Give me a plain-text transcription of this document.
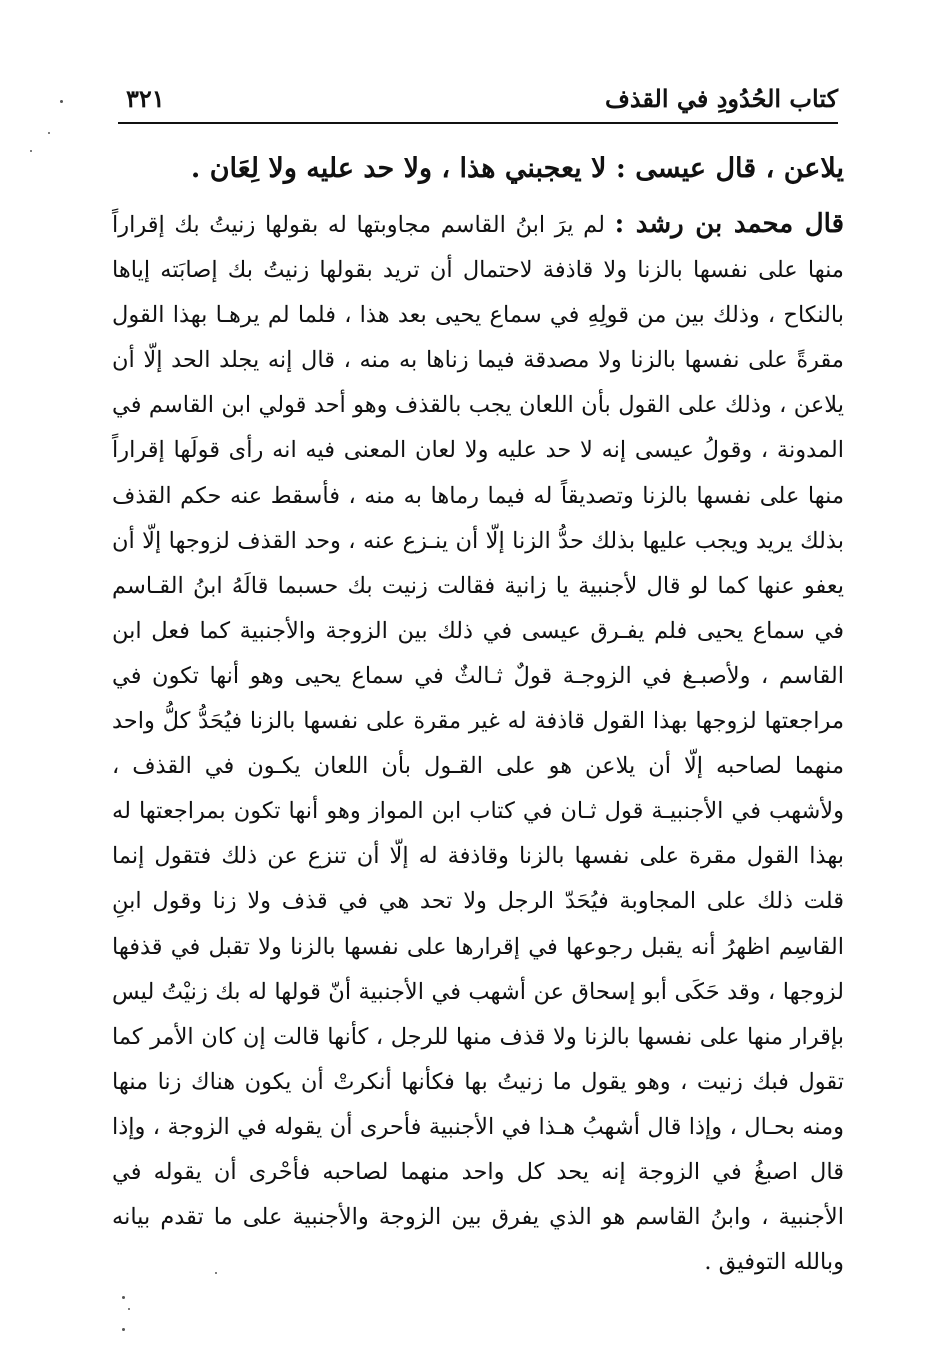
كتاب الحُدُودِ في القذف
٣٢١

يلاعن ، قال عيسى : لا يعجبني هذا ، ولا حد عليه ولا لِعَان .

قال محمد بن رشد : لم يرَ ابنُ القاسم مجاوبتها له بقولها زنيتُ بك إقراراً منها على نفسها بالزنا ولا قاذفة لاحتمال أن تريد بقولها زنيتُ بك إصابَته إياها بالنكاح ، وذلك بين من قولِهِ في سماع يحيى بعد هذا ، فلما لم يرهـا بهذا القول مقرةً على نفسها بالزنا ولا مصدقة فيما زناها به منه ، قال إنه يجلد الحد إلّا أن يلاعن ، وذلك على القول بأن اللعان يجب بالقذف وهو أحد قولي ابن القاسم في المدونة ، وقولُ عيسى إنه لا حد عليه ولا لعان المعنى فيه انه رأى قولَها إقراراً منها على نفسها بالزنا وتصديقاً له فيما رماها به منه ، فأسقط عنه حكم القذف بذلك يريد ويجب عليها بذلك حدُّ الزنا إلّا أن ينـزع عنه ، وحد القذف لزوجها إلّا أن يعفو عنها كما لو قال لأجنبية يا زانية فقالت زنيت بك حسبما قالَهُ ابنُ القـاسم في سماع يحيى فلم يفـرق عيسى في ذلك بين الزوجة والأجنبية كما فعل ابن القاسم ، ولأصبـغ في الزوجـة قولٌ ثـالثٌ في سماع يحيى وهو أنها تكون في مراجعتها لزوجها بهذا القول قاذفة له غير مقرة على نفسها بالزنا فيُحَدُّ كلُّ واحد منهما لصاحبه إلّا أن يلاعن هو على القـول بأن اللعان يكـون في القذف ، ولأشهب في الأجنبيـة قول ثـان في كتاب ابن المواز وهو أنها تكون بمراجعتها له بهذا القول مقرة على نفسها بالزنا وقاذفة له إلّا أن تنزع عن ذلك فتقول إنما قلت ذلك على المجاوبة فيُحَدّ الرجل ولا تحد هي في قذف ولا زنا وقول ابنِ القاسِم اظهرُ أنه يقبل رجوعها في إقرارها على نفسها بالزنا ولا تقبل في قذفها لزوجها ، وقد حَكَى أبو إسحاق عن أشهب في الأجنبية أنّ قولها له بك زنيْتُ ليس بإقرار منها على نفسها بالزنا ولا قذف منها للرجل ، كأنها قالت إن كان الأمر كما تقول فبك زنيت ، وهو يقول ما زنيتُ بها فكأنها أنكرتْ أن يكون هناك زنا منها ومنه بحـال ، وإذا قال أشهبُ هـذا في الأجنبية فأحرى أن يقوله في الزوجة ، وإذا قال اصبغُ في الزوجة إنه يحد كل واحد منهما لصاحبه فأحْرى أن يقوله في الأجنبية ، وابنُ القاسم هو الذي يفرق بين الزوجة والأجنبية على ما تقدم بيانه وبالله التوفيق .
